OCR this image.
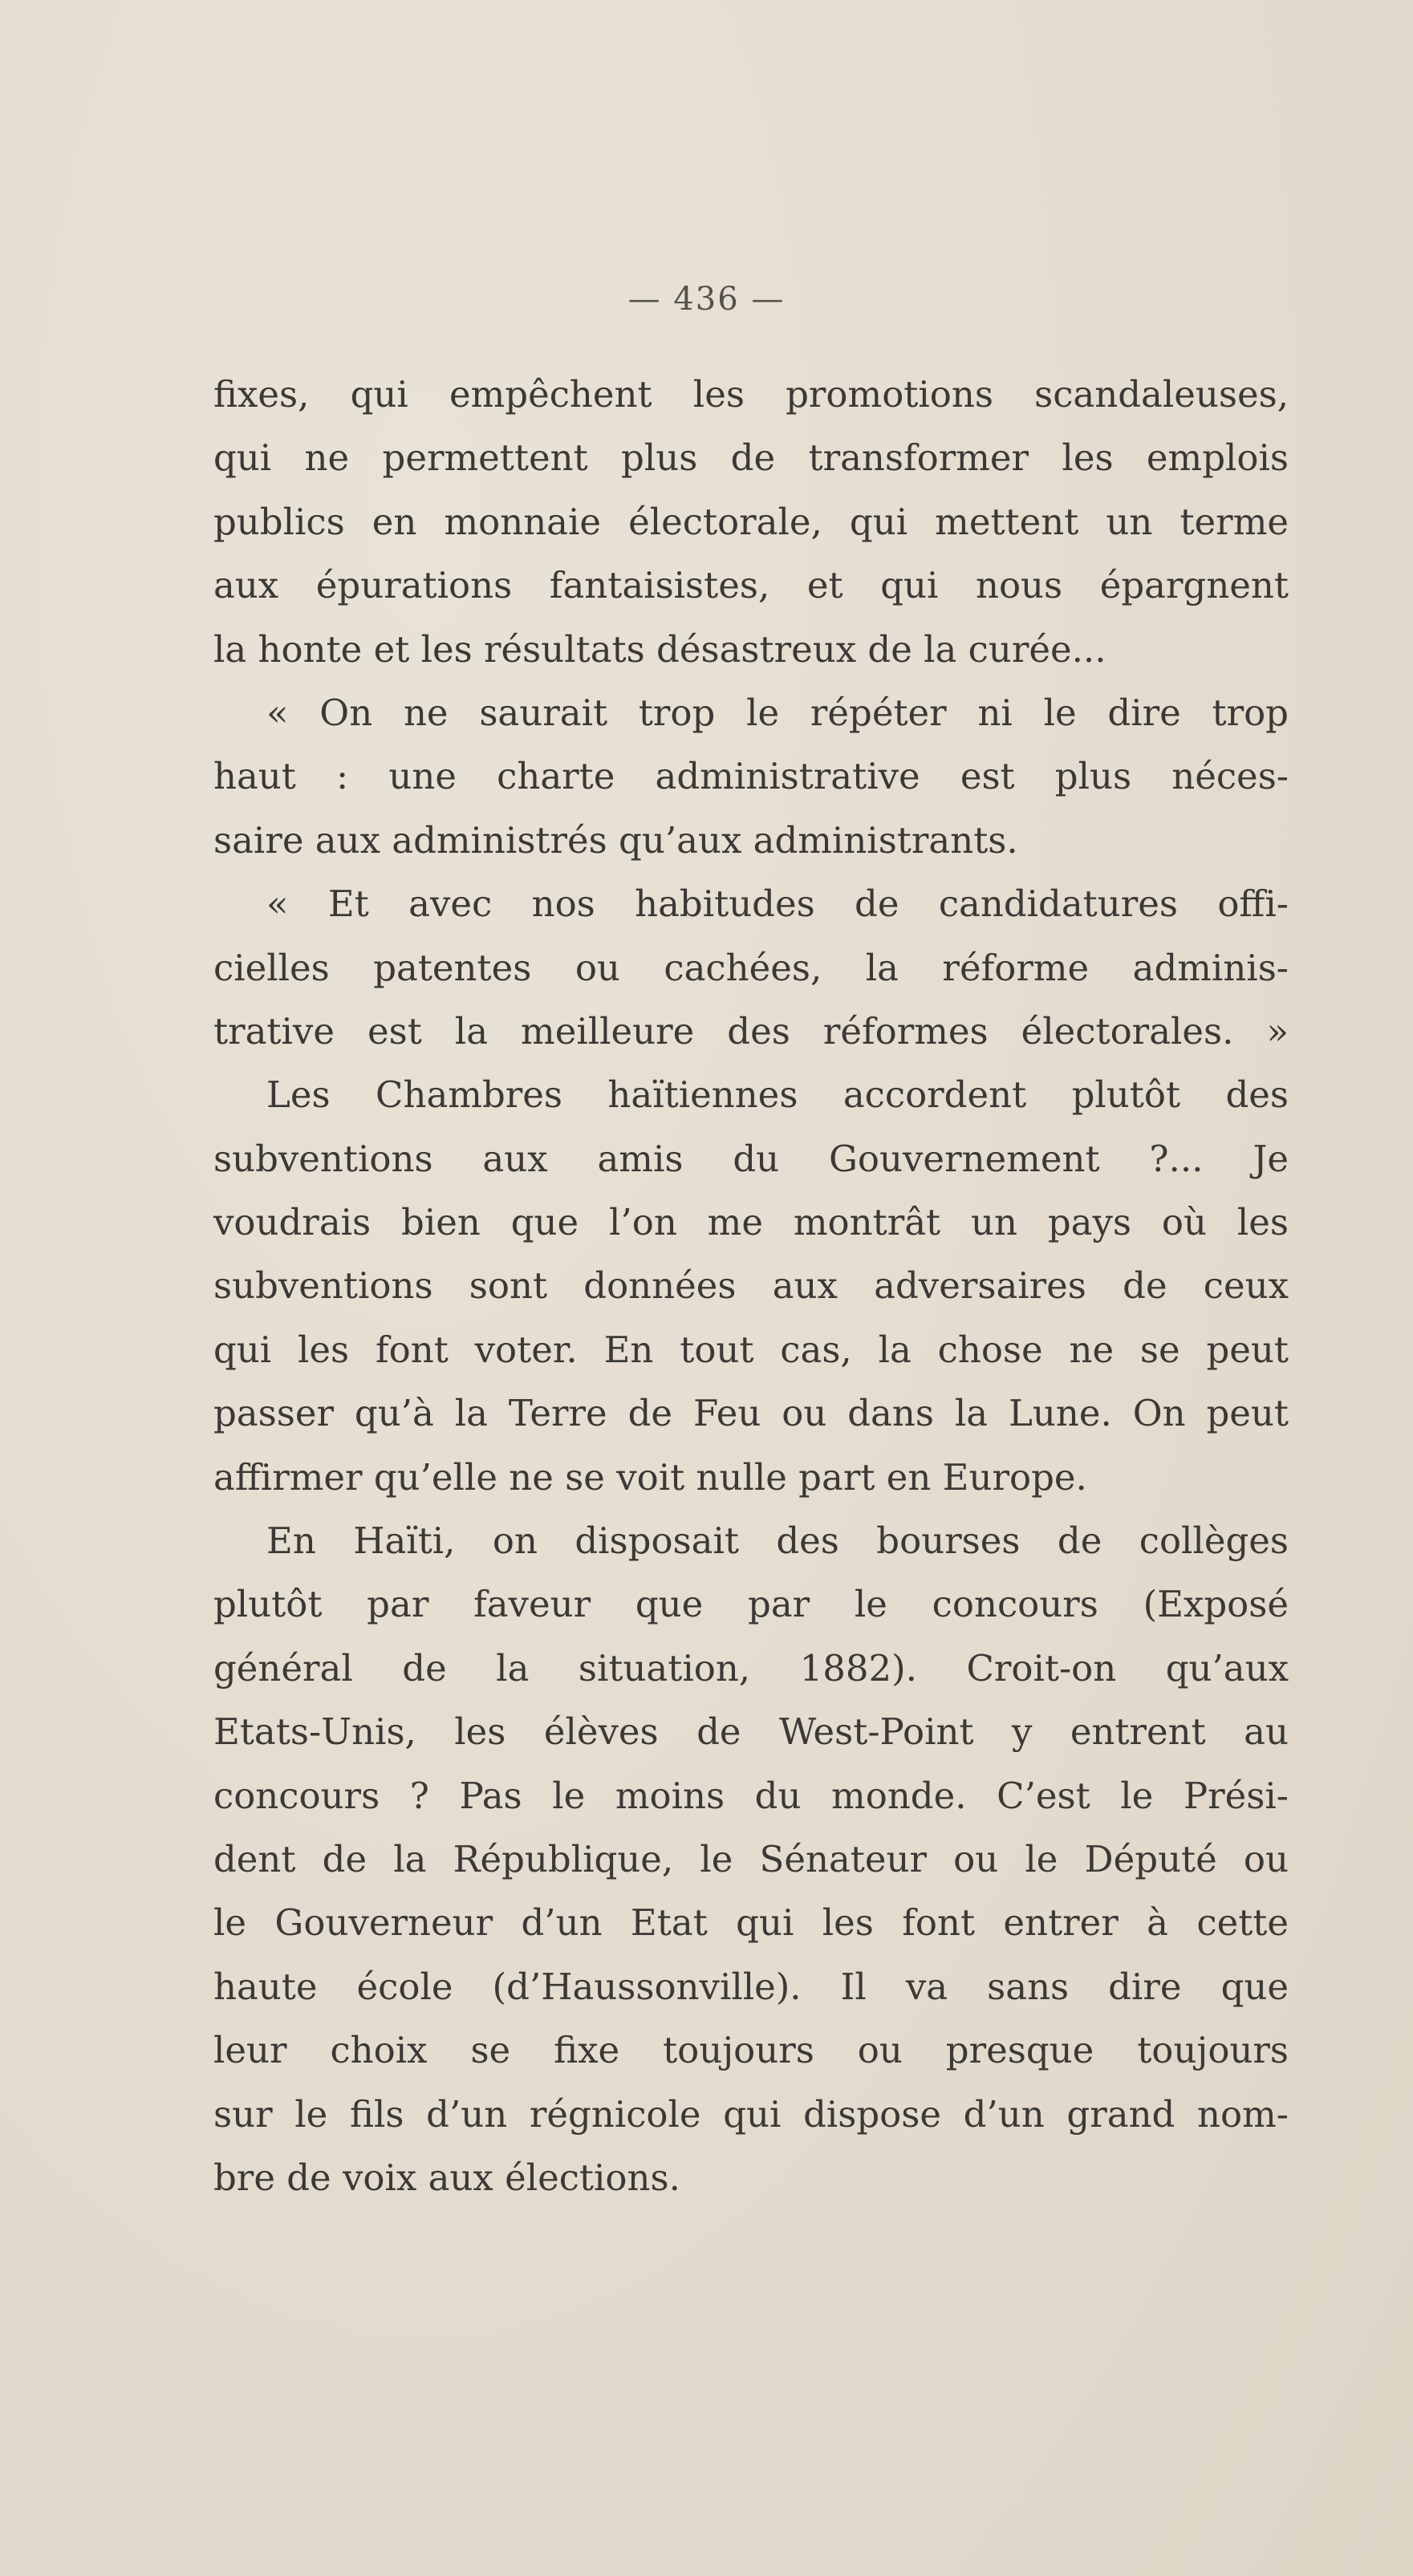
— 436 —
fixes, qui empêchent les promotions scandaleuses,
qui ne permettent plus de transformer les emplois
publics en monnaie électorale, qui mettent un terme
aux épurations fantaisistes, et qui nous épargnent
la honte et les résultats désastreux de la curée...
« On ne saurait trop le répéter ni le dire trop
haut : une charte administrative est plus néces-
saire aux administrés qu’aux administrants.
« Et avec nos habitudes de candidatures offi-
cielles patentes ou cachées, la réforme adminis-
trative est la meilleure des réformes électorales. »
Les Chambres haïtiennes accordent plutôt des
subventions aux amis du Gouvernement ?... Je
voudrais bien que l’on me montrât un pays où les
subventions sont données aux adversaires de ceux
qui les font voter. En tout cas, la chose ne se peut
passer qu’à la Terre de Feu ou dans la Lune. On peut
affirmer qu’elle ne se voit nulle part en Europe.
En Haïti, on disposait des bourses de collèges
plutôt par faveur que par le concours (Exposé
général de la situation, 1882). Croit-on qu’aux
Etats-Unis, les élèves de West-Point y entrent au
concours ? Pas le moins du monde. C’est le Prési-
dent de la République, le Sénateur ou le Député ou
le Gouverneur d’un Etat qui les font entrer à cette
haute école (d’Haussonville). Il va sans dire que
leur choix se fixe toujours ou presque toujours
sur le fils d’un régnicole qui dispose d’un grand nom-
bre de voix aux élections.
